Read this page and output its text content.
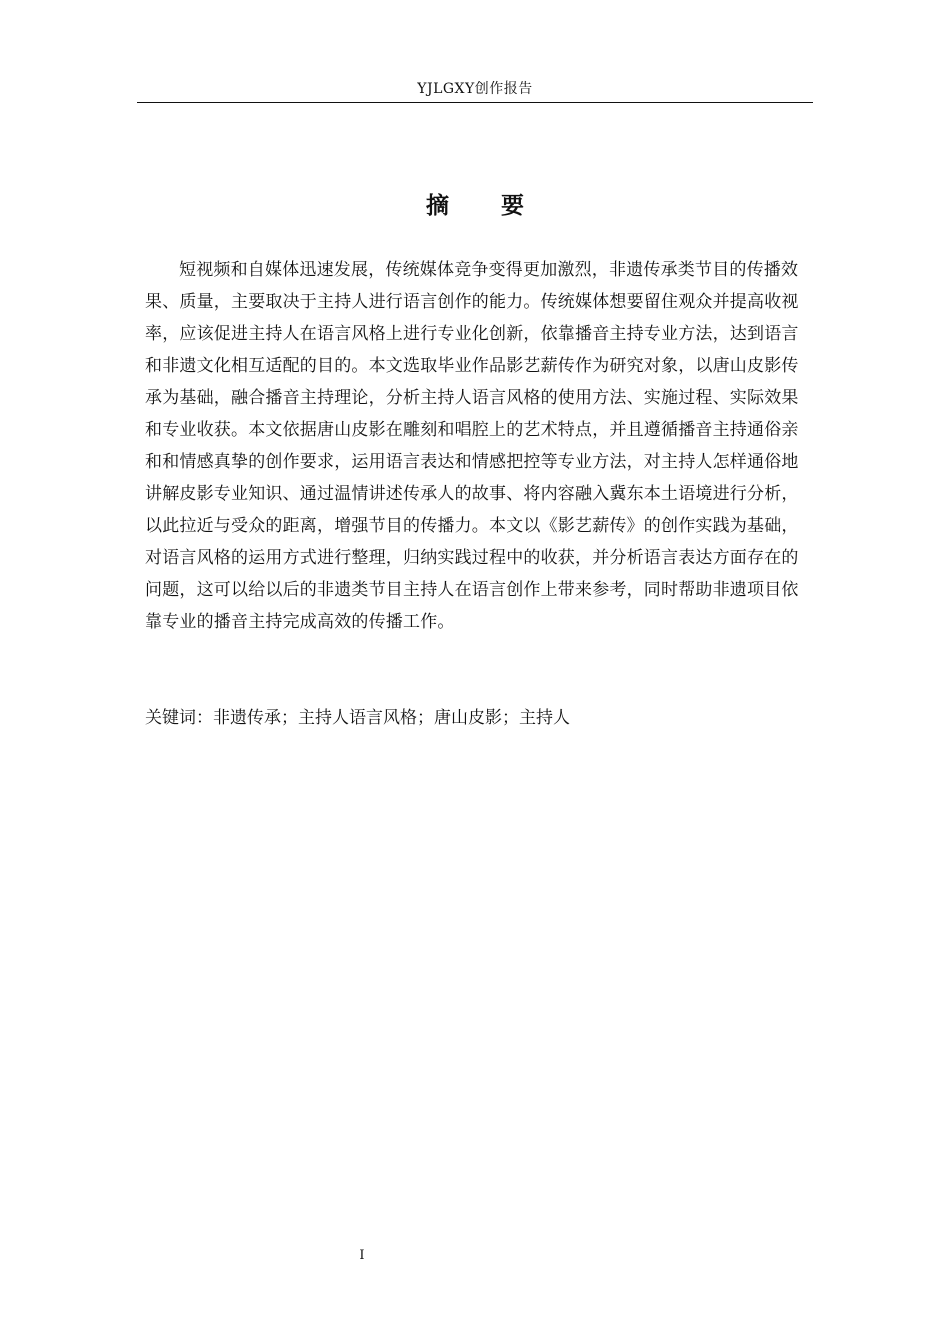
YJLGXY创作报告
摘 要

短视频和自媒体迅速发展，传统媒体竞争变得更加激烈，非遗传承类节目的传播效果、质量，主要取决于主持人进行语言创作的能力。传统媒体想要留住观众并提高收视率，应该促进主持人在语言风格上进行专业化创新，依靠播音主持专业方法，达到语言和非遗文化相互适配的目的。本文选取毕业作品影艺薪传作为研究对象，以唐山皮影传承为基础，融合播音主持理论，分析主持人语言风格的使用方法、实施过程、实际效果和专业收获。本文依据唐山皮影在雕刻和唱腔上的艺术特点，并且遵循播音主持通俗亲和和情感真挚的创作要求，运用语言表达和情感把控等专业方法，对主持人怎样通俗地讲解皮影专业知识、通过温情讲述传承人的故事、将内容融入冀东本土语境进行分析，以此拉近与受众的距离，增强节目的传播力。本文以《影艺薪传》的创作实践为基础，对语言风格的运用方式进行整理，归纳实践过程中的收获，并分析语言表达方面存在的问题，这可以给以后的非遗类节目主持人在语言创作上带来参考，同时帮助非遗项目依靠专业的播音主持完成高效的传播工作。

关键词：非遗传承；主持人语言风格；唐山皮影；主持人
I
